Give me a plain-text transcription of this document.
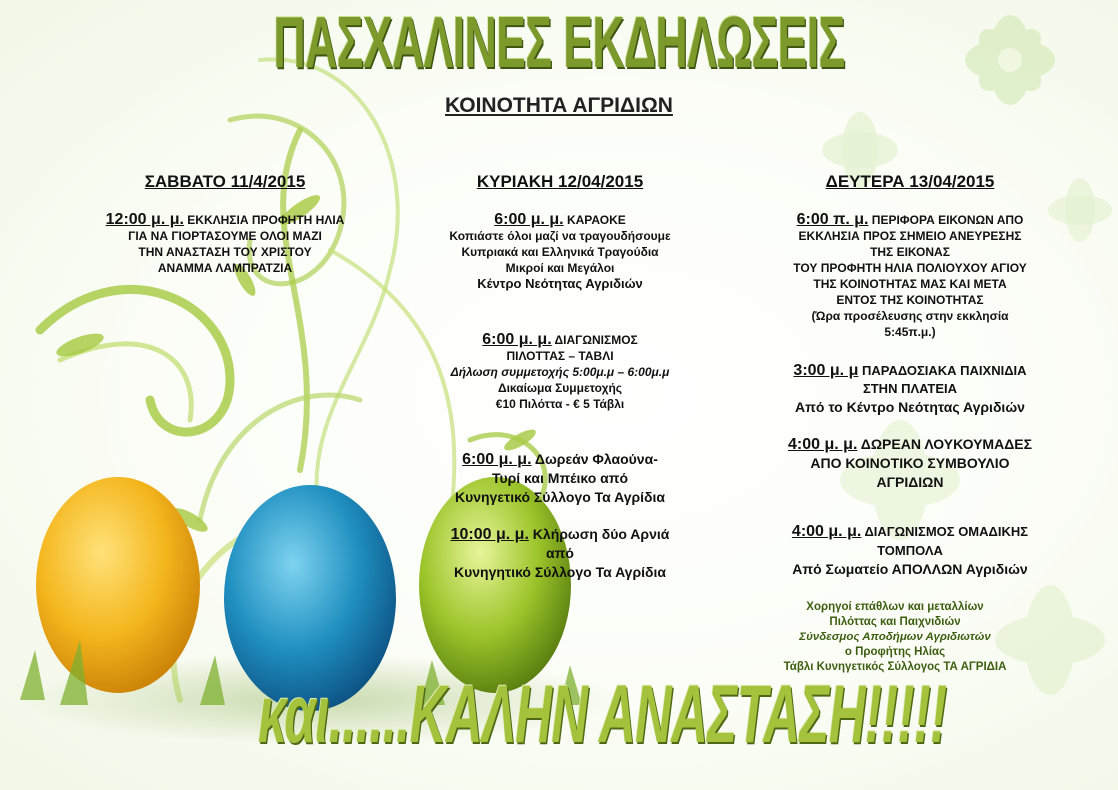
ΠΑΣΧΑΛΙΝΕΣ ΕΚΔΗΛΩΣΕΙΣ
ΚΟΙΝΟΤΗΤΑ ΑΓΡΙΔΙΩΝ
ΣΑΒΒΑΤΟ 11/4/2015
12:00 μ. μ. ΕΚΚΛΗΣΙΑ ΠΡΟΦΗΤΗ ΗΛΙΑ
ΓΙΑ ΝΑ ΓΙΟΡΤΑΣΟΥΜΕ ΟΛΟΙ ΜΑΖΙ
ΤΗΝ ΑΝΑΣΤΑΣΗ ΤΟΥ ΧΡΙΣΤΟΥ
ΑΝΑΜΜΑ ΛΑΜΠΡΑΤΖΙΑ
ΚΥΡΙΑΚΗ 12/04/2015
6:00 μ. μ. ΚΑΡΑΟΚΕ
Κοπιάστε όλοι μαζί να τραγουδήσουμε
Κυπριακά και Ελληνικά Τραγούδια
Μικροί και Μεγάλοι
Κέντρο Νεότητας Αγριδιών
6:00 μ. μ. ΔΙΑΓΩΝΙΣΜΟΣ
ΠΙΛΟΤΤΑΣ – ΤΑΒΛΙ
Δήλωση συμμετοχής 5:00μ.μ – 6:00μ.μ
Δικαίωμα Συμμετοχής
€10 Πιλόττα - € 5 Τάβλι
6:00 μ. μ. Δωρεάν Φλαούνα-
Τυρί και Μπέικο από
Κυνηγετικό Σύλλογο Τα Αγρίδια
10:00 μ. μ. Κλήρωση δύο Αρνιά
από
Κυνηγητικό Σύλλογο Τα Αγρίδια
ΔΕΥΤΕΡΑ 13/04/2015
6:00 π. μ. ΠΕΡΙΦΟΡΑ ΕΙΚΟΝΩΝ ΑΠΟ
ΕΚΚΛΗΣΙΑ ΠΡΟΣ ΣΗΜΕΙΟ ΑΝΕΥΡΕΣΗΣ
ΤΗΣ ΕΙΚΟΝΑΣ
ΤΟΥ ΠΡΟΦΗΤΗ ΗΛΙΑ ΠΟΛΙΟΥΧΟΥ ΑΓΙΟΥ
ΤΗΣ ΚΟΙΝΟΤΗΤΑΣ ΜΑΣ ΚΑΙ ΜΕΤΑ
ΕΝΤΟΣ ΤΗΣ ΚΟΙΝΟΤΗΤΑΣ
(Ώρα προσέλευσης στην εκκλησία
5:45π.μ.)
3:00 μ. μ ΠΑΡΑΔΟΣΙΑΚΑ ΠΑΙΧΝΙΔΙΑ
ΣΤΗΝ ΠΛΑΤΕΙΑ
Από το Κέντρο Νεότητας Αγριδιών
4:00 μ. μ. ΔΩΡΕΑΝ ΛΟΥΚΟΥΜΑΔΕΣ
ΑΠΟ ΚΟΙΝΟΤΙΚΟ ΣΥΜΒΟΥΛΙΟ
ΑΓΡΙΔΙΩΝ
4:00 μ. μ. ΔΙΑΓΩΝΙΣΜΟΣ ΟΜΑΔΙΚΗΣ
ΤΟΜΠΟΛΑ
Από Σωματείο ΑΠΟΛΛΩΝ Αγριδιών
Χορηγοί επάθλων και μεταλλίων
Πιλόττας και Παιχνιδιών
Σύνδεσμος Αποδήμων Αγριδιωτών
ο Προφήτης Ηλίας
Τάβλι Κυνηγετικός Σύλλογος ΤΑ ΑΓΡΙΔΙΑ
και......ΚΑΛΗΝ ΑΝΑΣΤΑΣΗ!!!!!
